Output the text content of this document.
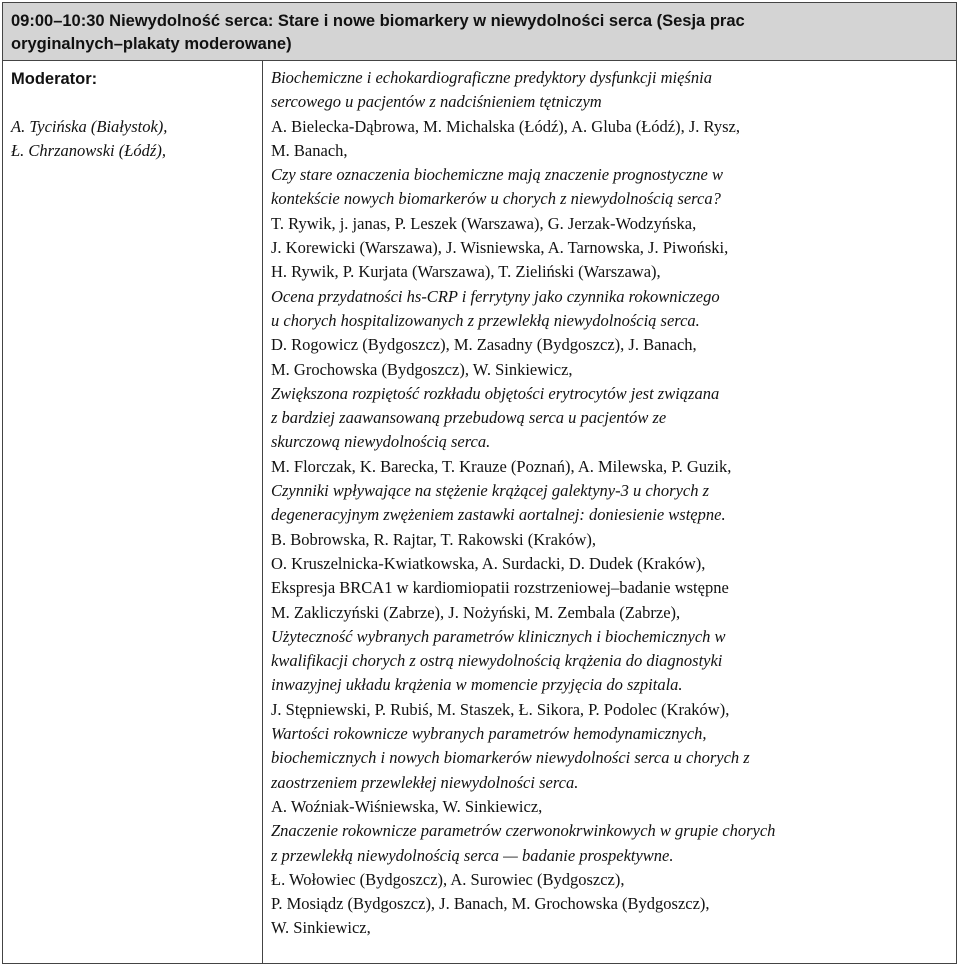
09:00–10:30 Niewydolność serca: Stare i nowe biomarkery w niewydolności serca (Sesja prac
oryginalnych–plakaty moderowane)
Moderator:
A. Tycińska (Białystok),
Ł. Chrzanowski (Łódź),
Biochemiczne i echokardiograficzne predyktory dysfunkcji mięśnia
sercowego u pacjentów z nadciśnieniem tętniczym
A. Bielecka-Dąbrowa, M. Michalska (Łódź), A. Gluba (Łódź), J. Rysz,
M. Banach,
Czy stare oznaczenia biochemiczne mają znaczenie prognostyczne w
kontekście nowych biomarkerów u chorych z niewydolnością serca?
T. Rywik, j. janas, P. Leszek (Warszawa), G. Jerzak-Wodzyńska,
J. Korewicki (Warszawa), J. Wisniewska, A. Tarnowska, J. Piwoński,
H. Rywik, P. Kurjata (Warszawa), T. Zieliński (Warszawa),
Ocena przydatności hs-CRP i ferrytyny jako czynnika rokowniczego
u chorych hospitalizowanych z przewlekłą niewydolnością serca.
D. Rogowicz (Bydgoszcz), M. Zasadny (Bydgoszcz), J. Banach,
M. Grochowska (Bydgoszcz), W. Sinkiewicz,
Zwiększona rozpiętość rozkładu objętości erytrocytów jest związana
z bardziej zaawansowaną przebudową serca u pacjentów ze
skurczową niewydolnością serca.
M. Florczak, K. Barecka, T. Krauze (Poznań), A. Milewska, P. Guzik,
Czynniki wpływające na stężenie krążącej galektyny-3 u chorych z
degeneracyjnym zwężeniem zastawki aortalnej: doniesienie wstępne.
B. Bobrowska, R. Rajtar, T. Rakowski (Kraków),
O. Kruszelnicka-Kwiatkowska, A. Surdacki, D. Dudek (Kraków),
Ekspresja BRCA1 w kardiomiopatii rozstrzeniowej–badanie wstępne
M. Zakliczyński (Zabrze), J. Nożyński, M. Zembala (Zabrze),
Użyteczność wybranych parametrów klinicznych i biochemicznych w
kwalifikacji chorych z ostrą niewydolnością krążenia do diagnostyki
inwazyjnej układu krążenia w momencie przyjęcia do szpitala.
J. Stępniewski, P. Rubiś, M. Staszek, Ł. Sikora, P. Podolec (Kraków),
Wartości rokownicze wybranych parametrów hemodynamicznych,
biochemicznych i nowych biomarkerów niewydolności serca u chorych z
zaostrzeniem przewlekłej niewydolności serca.
A. Woźniak-Wiśniewska, W. Sinkiewicz,
Znaczenie rokownicze parametrów czerwonokrwinkowych w grupie chorych
z przewlekłą niewydolnością serca — badanie prospektywne.
Ł. Wołowiec (Bydgoszcz), A. Surowiec (Bydgoszcz),
P. Mosiądz (Bydgoszcz), J. Banach, M. Grochowska (Bydgoszcz),
W. Sinkiewicz,
